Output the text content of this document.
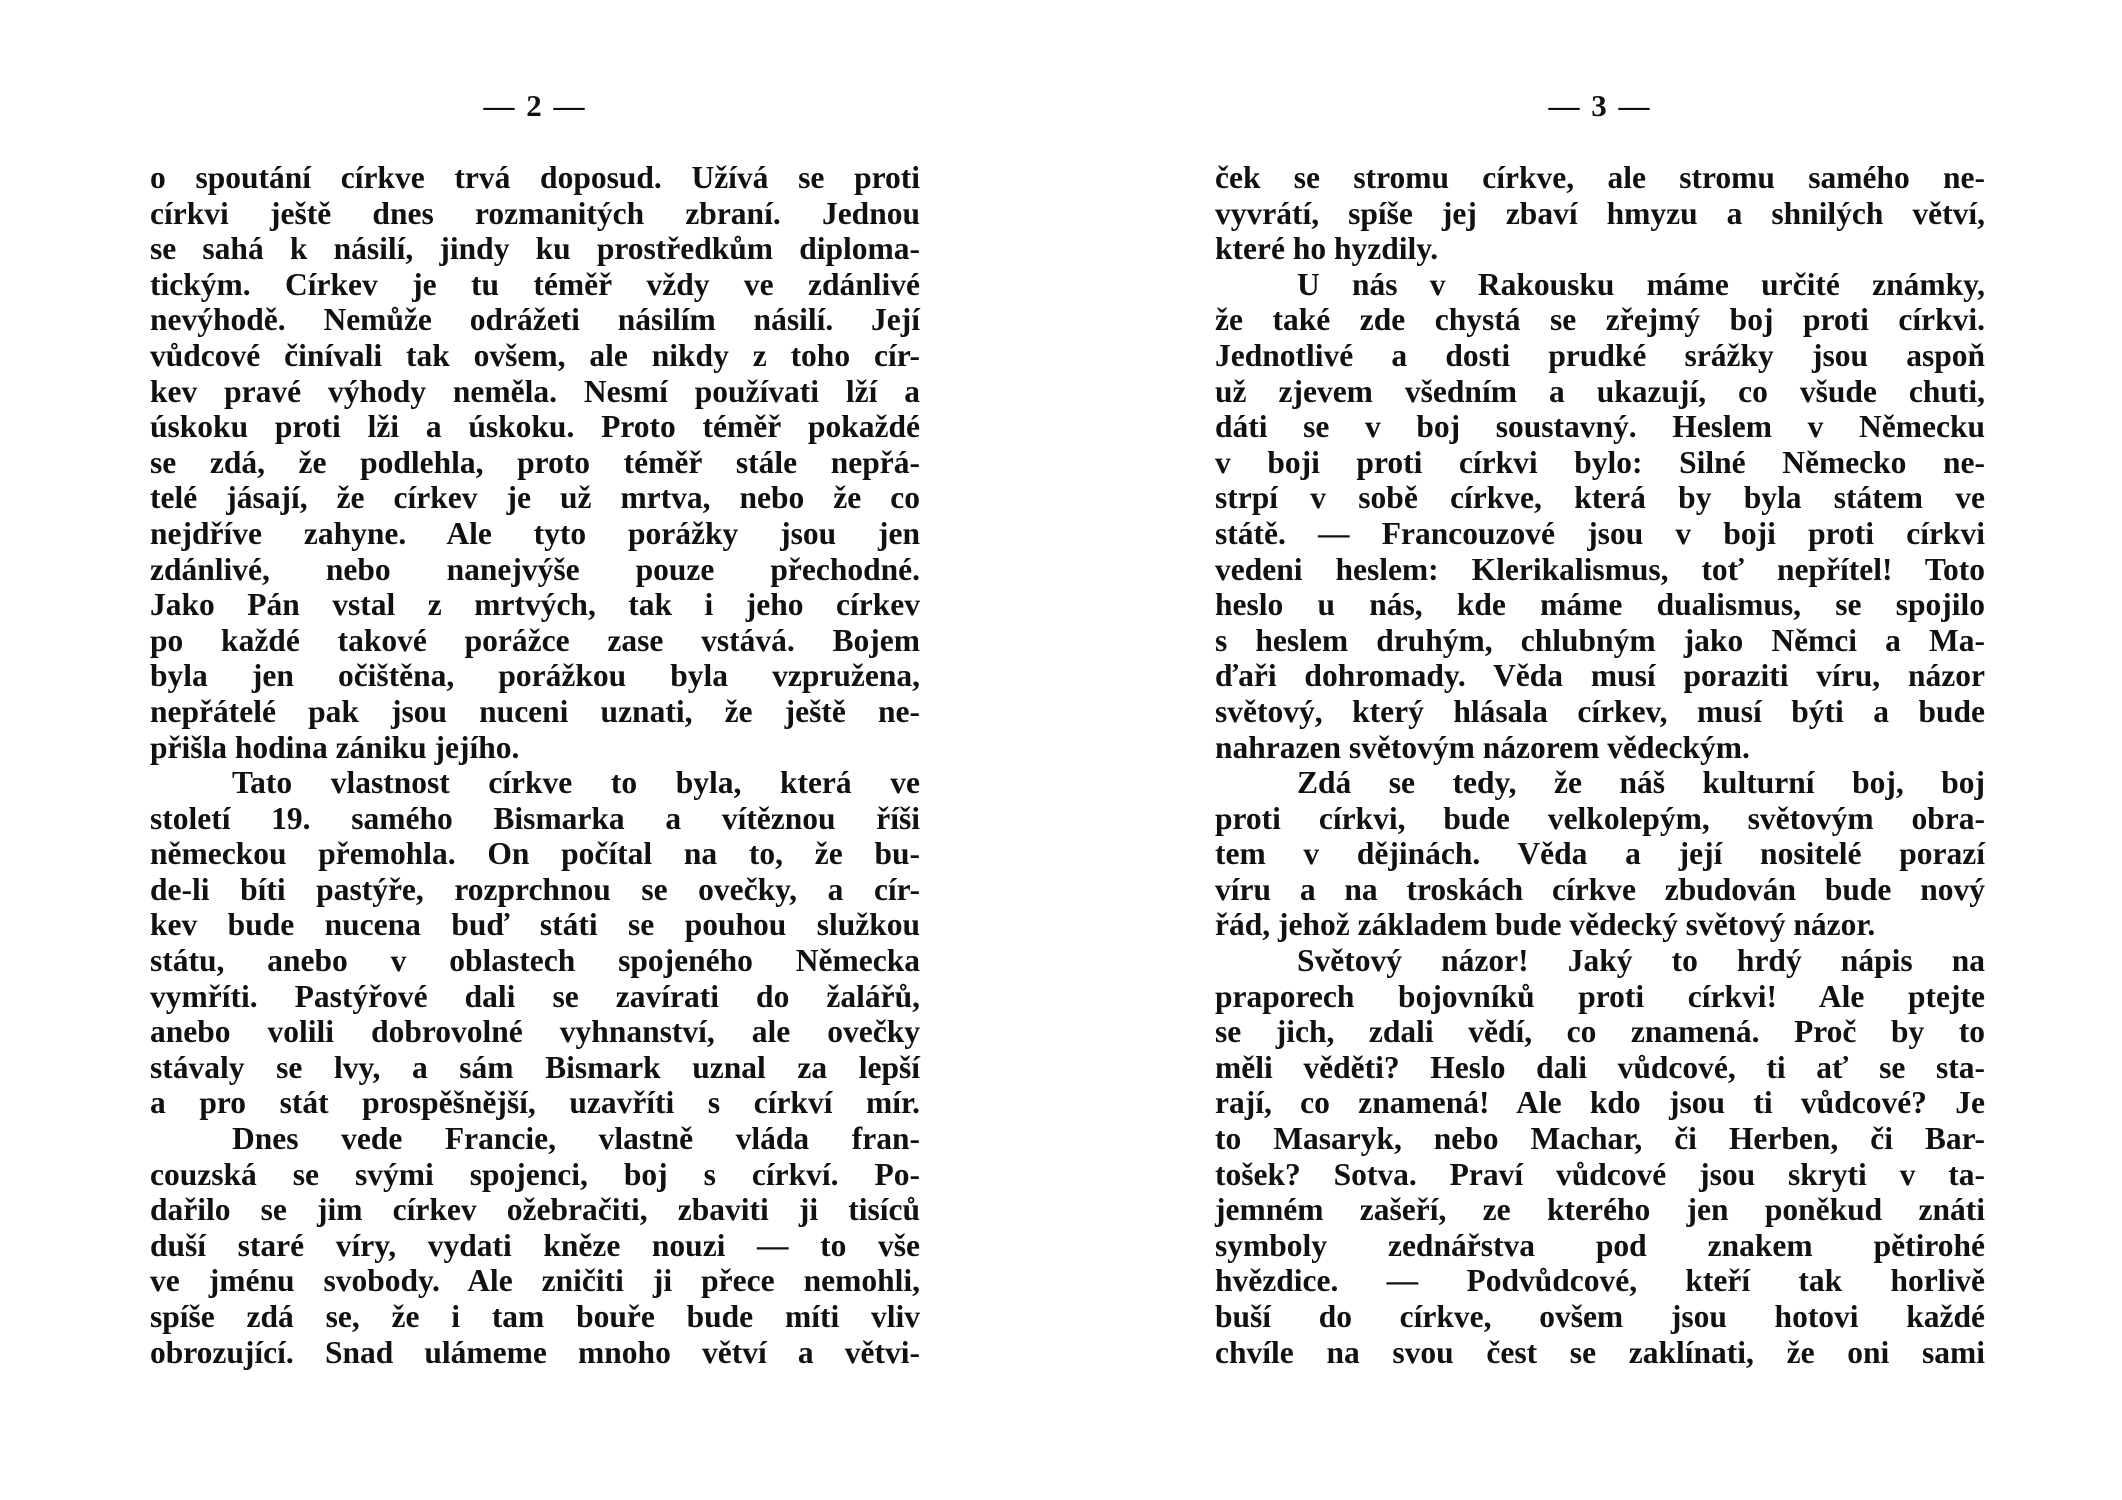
— 2 —
o spoutání církve trvá doposud. Užívá se proti
církvi ještě dnes rozmanitých zbraní. Jednou
se sahá k násilí, jindy ku prostředkům diploma-
tickým. Církev je tu téměř vždy ve zdánlivé
nevýhodě. Nemůže odrážeti násilím násilí. Její
vůdcové činívali tak ovšem, ale nikdy z toho cír-
kev pravé výhody neměla. Nesmí používati lží a
úskoku proti lži a úskoku. Proto téměř pokaždé
se zdá, že podlehla, proto téměř stále nepřá-
telé jásají, že církev je už mrtva, nebo že co
nejdříve zahyne. Ale tyto porážky jsou jen
zdánlivé, nebo nanejvýše pouze přechodné.
Jako Pán vstal z mrtvých, tak i jeho církev
po každé takové porážce zase vstává. Bojem
byla jen očištěna, porážkou byla vzpružena,
nepřátelé pak jsou nuceni uznati, že ještě ne-
přišla hodina zániku jejího.
Tato vlastnost církve to byla, která ve
století 19. samého Bismarka a vítěznou říši
německou přemohla. On počítal na to, že bu-
de-li bíti pastýře, rozprchnou se ovečky, a cír-
kev bude nucena buď státi se pouhou služkou
státu, anebo v oblastech spojeného Německa
vymříti. Pastýřové dali se zavírati do žalářů,
anebo volili dobrovolné vyhnanství, ale ovečky
stávaly se lvy, a sám Bismark uznal za lepší
a pro stát prospěšnější, uzavříti s církví mír.
Dnes vede Francie, vlastně vláda fran-
couzská se svými spojenci, boj s církví. Po-
dařilo se jim církev ožebračiti, zbaviti ji tisíců
duší staré víry, vydati kněze nouzi — to vše
ve jménu svobody. Ale zničiti ji přece nemohli,
spíše zdá se, že i tam bouře bude míti vliv
obrozující. Snad ulámeme mnoho větví a větvi-
— 3 —
ček se stromu církve, ale stromu samého ne-
vyvrátí, spíše jej zbaví hmyzu a shnilých větví,
které ho hyzdily.
U nás v Rakousku máme určité známky,
že také zde chystá se zřejmý boj proti církvi.
Jednotlivé a dosti prudké srážky jsou aspoň
už zjevem všedním a ukazují, co všude chuti,
dáti se v boj soustavný. Heslem v Německu
v boji proti církvi bylo: Silné Německo ne-
strpí v sobě církve, která by byla státem ve
státě. — Francouzové jsou v boji proti církvi
vedeni heslem: Klerikalismus, toť nepřítel! Toto
heslo u nás, kde máme dualismus, se spojilo
s heslem druhým, chlubným jako Němci a Ma-
ďaři dohromady. Věda musí poraziti víru, názor
světový, který hlásala církev, musí býti a bude
nahrazen světovým názorem vědeckým.
Zdá se tedy, že náš kulturní boj, boj
proti církvi, bude velkolepým, světovým obra-
tem v dějinách. Věda a její nositelé porazí
víru a na troskách církve zbudován bude nový
řád, jehož základem bude vědecký světový názor.
Světový názor! Jaký to hrdý nápis na
praporech bojovníků proti církvi! Ale ptejte
se jich, zdali vědí, co znamená. Proč by to
měli věděti? Heslo dali vůdcové, ti ať se sta-
rají, co znamená! Ale kdo jsou ti vůdcové? Je
to Masaryk, nebo Machar, či Herben, či Bar-
tošek? Sotva. Praví vůdcové jsou skryti v ta-
jemném zašeří, ze kterého jen poněkud znáti
symboly zednářstva pod znakem pětirohé
hvězdice. — Podvůdcové, kteří tak horlivě
buší do církve, ovšem jsou hotovi každé
chvíle na svou čest se zaklínati, že oni sami
